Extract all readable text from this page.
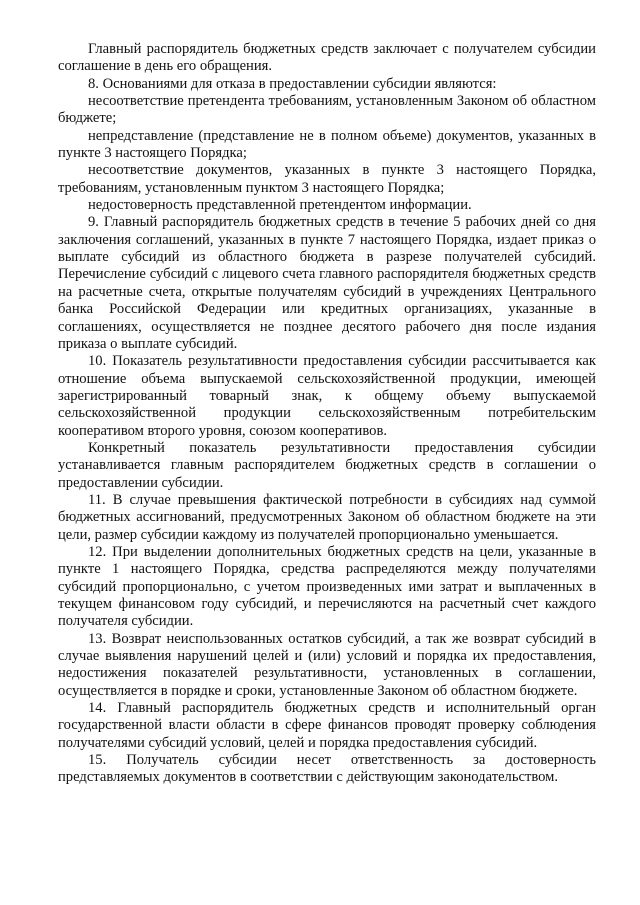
Главный распорядитель бюджетных средств заключает с получателем субсидии соглашение в день его обращения.

8. Основаниями для отказа в предоставлении субсидии являются:

несоответствие претендента требованиям, установленным Законом об областном бюджете;

непредставление (представление не в полном объеме) документов, указанных в пункте 3 настоящего Порядка;

несоответствие документов, указанных в пункте 3 настоящего Порядка, требованиям, установленным пунктом 3 настоящего Порядка;

недостоверность представленной претендентом информации.

9. Главный распорядитель бюджетных средств в течение 5 рабочих дней со дня заключения соглашений, указанных в пункте 7 настоящего Порядка, издает приказ о выплате субсидий из областного бюджета в разрезе получателей субсидий. Перечисление субсидий с лицевого счета главного распорядителя бюджетных средств на расчетные счета, открытые получателям субсидий в учреждениях Центрального банка Российской Федерации или кредитных организациях, указанные в соглашениях, осуществляется не позднее десятого рабочего дня после издания приказа о выплате субсидий.

10. Показатель результативности предоставления субсидии рассчитывается как отношение объема выпускаемой сельскохозяйственной продукции, имеющей зарегистрированный товарный знак, к общему объему выпускаемой сельскохозяйственной продукции сельскохозяйственным потребительским кооперативом второго уровня, союзом кооперативов.

Конкретный показатель результативности предоставления субсидии устанавливается главным распорядителем бюджетных средств в соглашении о предоставлении субсидии.

11. В случае превышения фактической потребности в субсидиях над суммой бюджетных ассигнований, предусмотренных Законом об областном бюджете на эти цели, размер субсидии каждому из получателей пропорционально уменьшается.

12. При выделении дополнительных бюджетных средств на цели, указанные в пункте 1 настоящего Порядка, средства распределяются между получателями субсидий пропорционально, с учетом произведенных ими затрат и выплаченных в текущем финансовом году субсидий, и перечисляются на расчетный счет каждого получателя субсидии.

13. Возврат неиспользованных остатков субсидий, а так же возврат субсидий в случае выявления нарушений целей и (или) условий и порядка их предоставления, недостижения показателей результативности, установленных в соглашении, осуществляется в порядке и сроки, установленные Законом об областном бюджете.

14. Главный распорядитель бюджетных средств и исполнительный орган государственной власти области в сфере финансов проводят проверку соблюдения получателями субсидий условий, целей и порядка предоставления субсидий.

15. Получатель субсидии несет ответственность за достоверность представляемых документов в соответствии с действующим законодательством.
